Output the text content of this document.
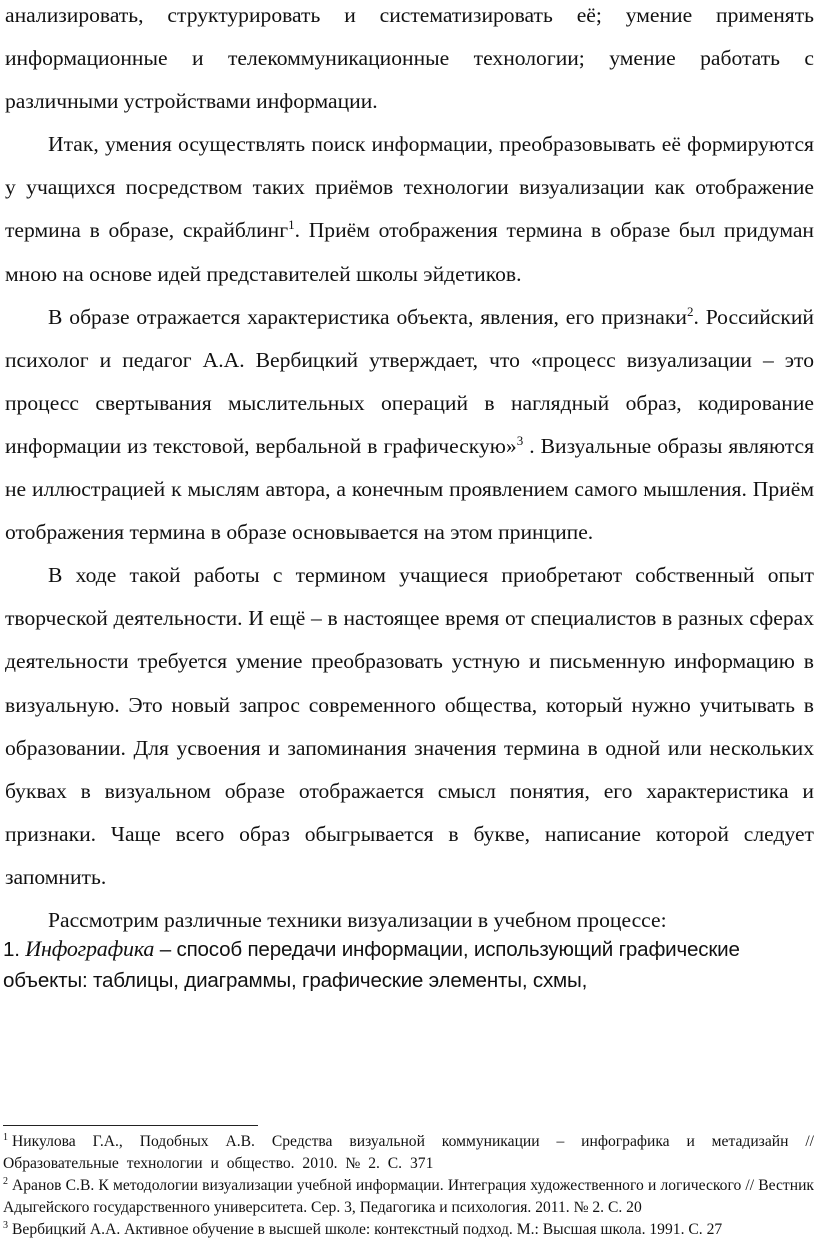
анализировать, структурировать и систематизировать её; умение применять информационные и телекоммуникационные технологии; умение работать с различными устройствами информации.

Итак, умения осуществлять поиск информации, преобразовывать её формируются у учащихся посредством таких приёмов технологии визуализации как отображение термина в образе, скрайблинг$^1$. Приём отображения термина в образе был придуман мною на основе идей представителей школы эйдетиков.

В образе отражается характеристика объекта, явления, его признаки$^2$. Российский психолог и педагог А.А. Вербицкий утверждает, что «процесс визуализации – это процесс свертывания мыслительных операций в наглядный образ, кодирование информации из текстовой, вербальной в графическую»$^3$ . Визуальные образы являются не иллюстрацией к мыслям автора, а конечным проявлением самого мышления. Приём отображения термина в образе основывается на этом принципе.

В ходе такой работы с термином учащиеся приобретают собственный опыт творческой деятельности. И ещё – в настоящее время от специалистов в разных сферах деятельности требуется умение преобразовать устную и письменную информацию в визуальную. Это новый запрос современного общества, который нужно учитывать в образовании. Для усвоения и запоминания значения термина в одной или нескольких буквах в визуальном образе отображается смысл понятия, его характеристика и признаки. Чаще всего образ обыгрывается в букве, написание которой следует запомнить.

Рассмотрим различные техники визуализации в учебном процессе:

1. Инфографика – способ передачи информации, использующий графические объекты: таблицы, диаграммы, графические элементы, схмы,

$^1$ Никулова Г.А., Подобных А.В. Средства визуальной коммуникации – инфографика и метадизайн // Образовательные технологии и общество. 2010. № 2. С. 371

$^2$ Аранов С.В. К методологии визуализации учебной информации. Интеграция художественного и логического // Вестник Адыгейского государственного университета. Сер. 3, Педагогика и психология. 2011. № 2. С. 20

$^3$ Вербицкий А.А. Активное обучение в высшей школе: контекстный подход. М.: Высшая школа. 1991. С. 27
